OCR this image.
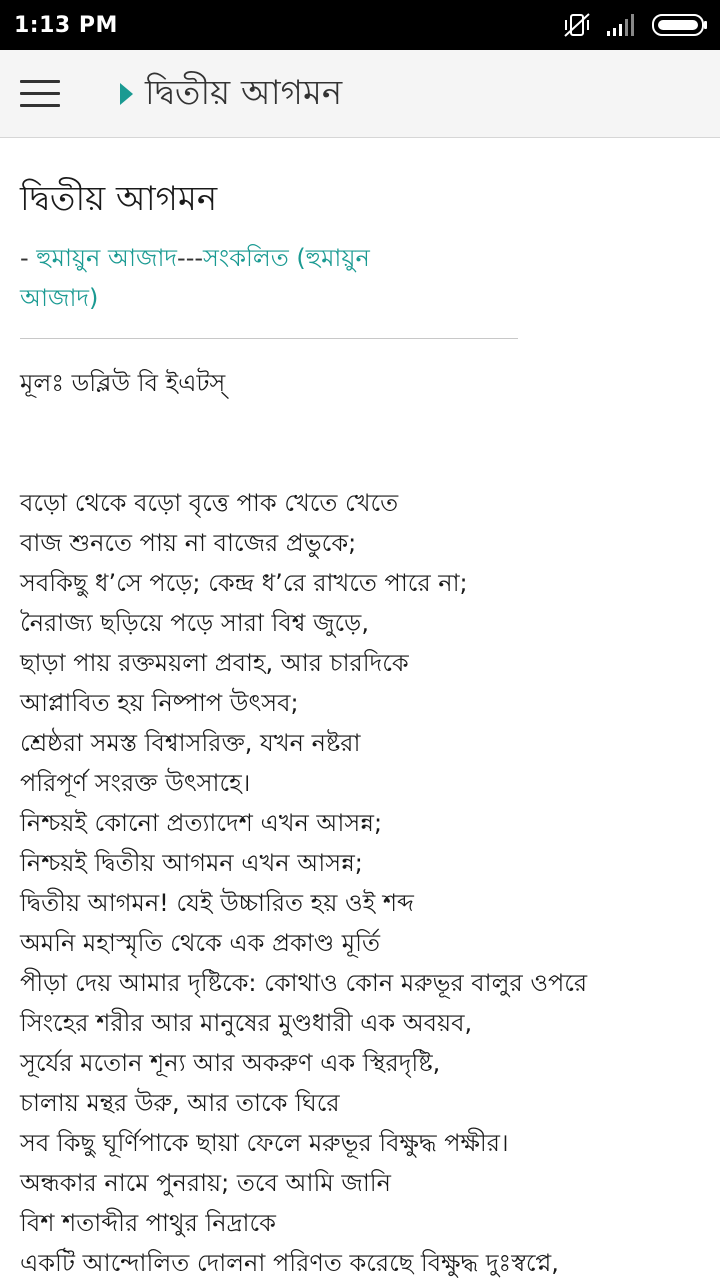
1:13 PM
দ্বিতীয় আগমন
দ্বিতীয় আগমন
- হুমায়ুন আজাদ---সংকলিত (হুমায়ুন আজাদ)
মূলঃ ডব্লিউ বি ইএটস্
বড়ো থেকে বড়ো বৃত্তে পাক খেতে খেতে
বাজ শুনতে পায় না বাজের প্রভুকে;
সবকিছু ধ’সে পড়ে; কেন্দ্র ধ’রে রাখতে পারে না;
নৈরাজ্য ছড়িয়ে পড়ে সারা বিশ্ব জুড়ে,
ছাড়া পায় রক্তময়লা প্রবাহ, আর চারদিকে
আপ্লাবিত হয় নিষ্পাপ উৎসব;
শ্রেষ্ঠরা সমস্ত বিশ্বাসরিক্ত, যখন নষ্টরা
পরিপূর্ণ সংরক্ত উৎসাহে।
নিশ্চয়ই কোনো প্রত্যাদেশ এখন আসন্ন;
নিশ্চয়ই দ্বিতীয় আগমন এখন আসন্ন;
দ্বিতীয় আগমন! যেই উচ্চারিত হয় ওই শব্দ
অমনি মহাস্মৃতি থেকে এক প্রকাণ্ড মূর্তি
পীড়া দেয় আমার দৃষ্টিকে: কোথাও কোন মরুভূর বালুর ওপরে
সিংহের শরীর আর মানুষের মুণ্ডধারী এক অবয়ব,
সূর্যের মতোন শূন্য আর অকরুণ এক স্থিরদৃষ্টি,
চালায় মন্থর উরু, আর তাকে ঘিরে
সব কিছু ঘূর্ণিপাকে ছায়া ফেলে মরুভূর বিক্ষুদ্ধ পক্ষীর।
অন্ধকার নামে পুনরায়; তবে আমি জানি
বিশ শতাব্দীর পাথুর নিদ্রাকে
একটি আন্দোলিত দোলনা পরিণত করেছে বিক্ষুদ্ধ দুঃস্বপ্নে,
